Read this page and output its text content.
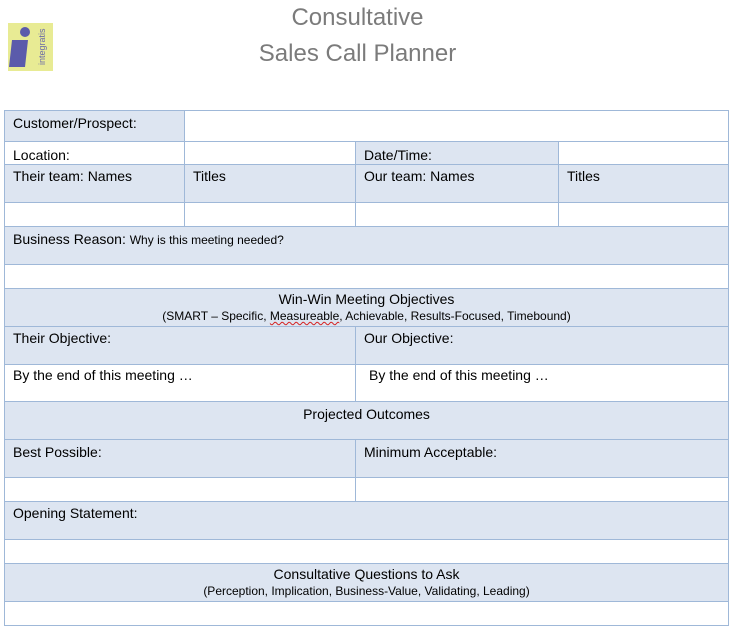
integratis
Consultative
Sales Call Planner
Customer/Prospect:			
Location:		Date/Time:	
Their team: Names	Titles	Our team: Names	Titles

Business Reason: Why is this meeting needed?			

Win-Win Meeting Objectives
(SMART – Specific, Measureable, Achievable, Results-Focused, Timebound)			

Their Objective:		Our Objective:	
By the end of this meeting …		By the end of this meeting …	
Projected Outcomes			
Best Possible:		Minimum Acceptable:	

Opening Statement:			

Consultative Questions to Ask
(Perception, Implication, Business-Value, Validating, Leading)			
